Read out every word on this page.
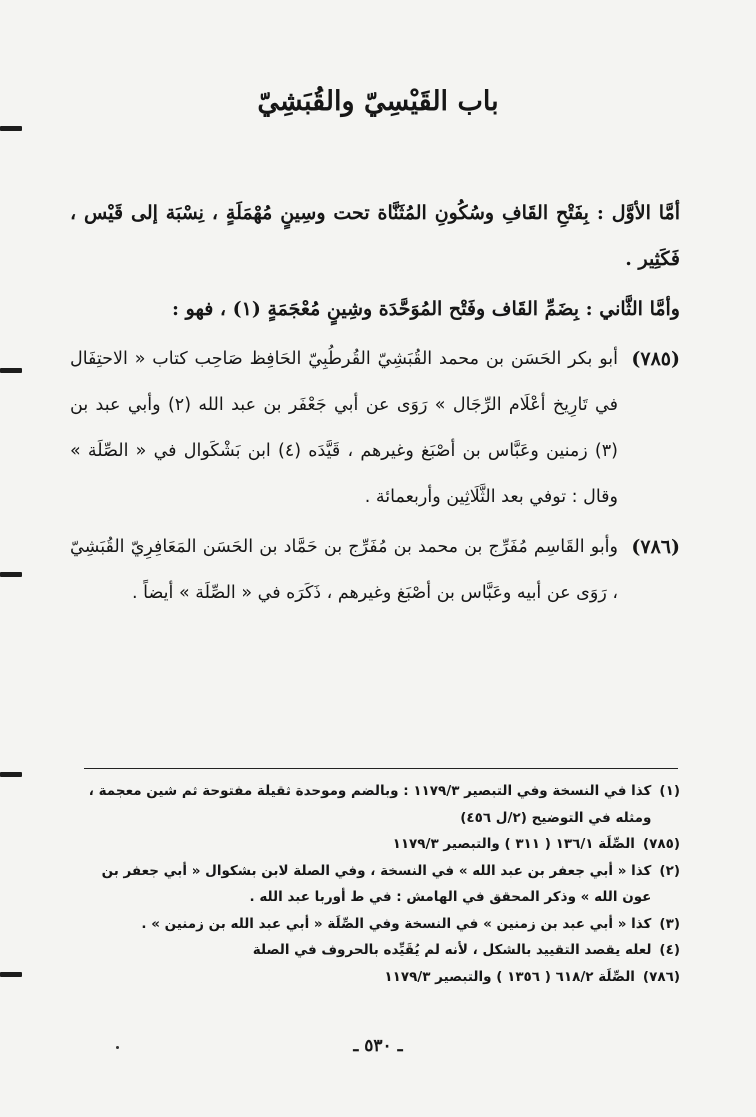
باب القَيْسِيّ والقُبَشِيّ

أمَّا الأوَّل : بِفَتْحِ القَافِ وسُكُونِ المُثَنَّاة تحت وسِينٍ مُهْمَلَةٍ ، نِسْبَة إلى قَيْس ، فَكَثِير .

وأمَّا الثَّاني : بِضَمِّ القَاف وفَتْح المُوَحَّدَة وشِينٍ مُعْجَمَةٍ (١) ، فهو :

(٧٨٥)
أبو بكر الحَسَن بن محمد القُبَشِيّ القُرطُبِيّ الحَافِظ صَاحِب كتاب « الاحتِفَال في تَارِيخ أعْلَام الرِّجَال » رَوَى عن أبي جَعْفَر بن عبد الله (٢) وأبي عبد بن (٣) زمنين وعَبَّاس بن أصْبَغ وغيرهم ، قَيَّدَه (٤) ابن بَشْكَوال في « الصِّلَة » وقال : توفي بعد الثَّلَاثِين وأربعمائة .
(٧٨٦)
وأبو القَاسِم مُفَرِّج بن محمد بن مُفَرِّج بن حَمَّاد بن الحَسَن المَعَافِرِيّ القُبَشِيّ ، رَوَى عن أبيه وعَبَّاس بن أصْبَغ وغيرهم ، ذَكَرَه في « الصِّلَة » أيضاً .
(١)
كذا في النسخة وفي التبصير ١١٧٩/٣ : وبالضم وموحدة ثقيلة مفتوحة ثم شين معجمة ، ومثله في التوضيح (٢/ل ٤٥٦)
(٧٨٥)
الصِّلَة ١٣٦/١ ( ٣١١ ) والتبصير ١١٧٩/٣
(٢)
كذا « أبي جعفر بن عبد الله » في النسخة ، وفي الصلة لابن بشكوال « أبي جعفر بن عون الله » وذكر المحقق في الهامش : في ط أوربا عبد الله .
(٣)
كذا « أبي عبد بن زمنين » في النسخة وفي الصِّلَة « أبي عبد الله بن زمنين » .
(٤)
لعله يقصد التقييد بالشكل ، لأنه لم يُقَيِّده بالحروف في الصلة
(٧٨٦)
الصِّلَة ٦١٨/٢ ( ١٣٥٦ ) والتبصير ١١٧٩/٣
ـ ٥٣٠ ـ
